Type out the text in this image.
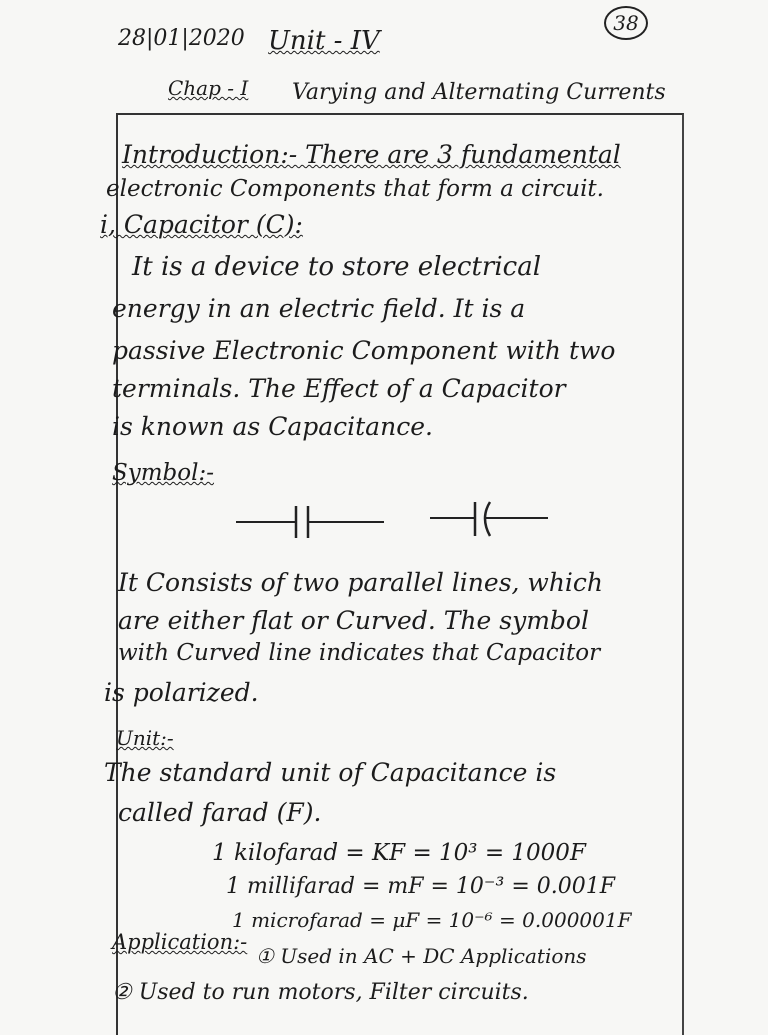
28|01|2020 Unit - IV
38
Chap - I Varying and Alternating Currents
Introduction:- There are 3 fundamental
electronic Components that form a circuit.
i, Capacitor (C):
It is a device to store electrical
energy in an electric field. It is a
passive Electronic Component with two
terminals. The Effect of a Capacitor
is known as Capacitance.
Symbol:-
It Consists of two parallel lines, which
are either flat or Curved. The symbol
with Curved line indicates that Capacitor
is polarized.
Unit:-
The standard unit of Capacitance is
called farad (F).
1 kilofarad = KF = 10³ = 1000F
1 millifarad = mF = 10⁻³ = 0.001F
1 microfarad = μF = 10⁻⁶ = 0.000001F
Application:-
① Used in AC + DC Applications
② Used to run motors, Filter circuits.
